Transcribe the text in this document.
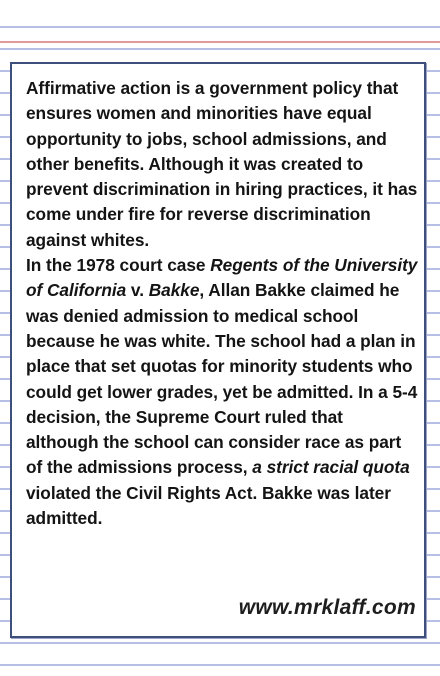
Affirmative action is a government policy that ensures women and minorities have equal opportunity to jobs, school admissions, and other benefits. Although it was created to prevent discrimination in hiring practices, it has come under fire for reverse discrimination against whites.

In the 1978 court case Regents of the University of California v. Bakke, Allan Bakke claimed he was denied admission to medical school because he was white. The school had a plan in place that set quotas for minority students who could get lower grades, yet be admitted. In a 5-4 decision, the Supreme Court ruled that although the school can consider race as part of the admissions process, a strict racial quota violated the Civil Rights Act. Bakke was later admitted.

www.mrklaff.com
